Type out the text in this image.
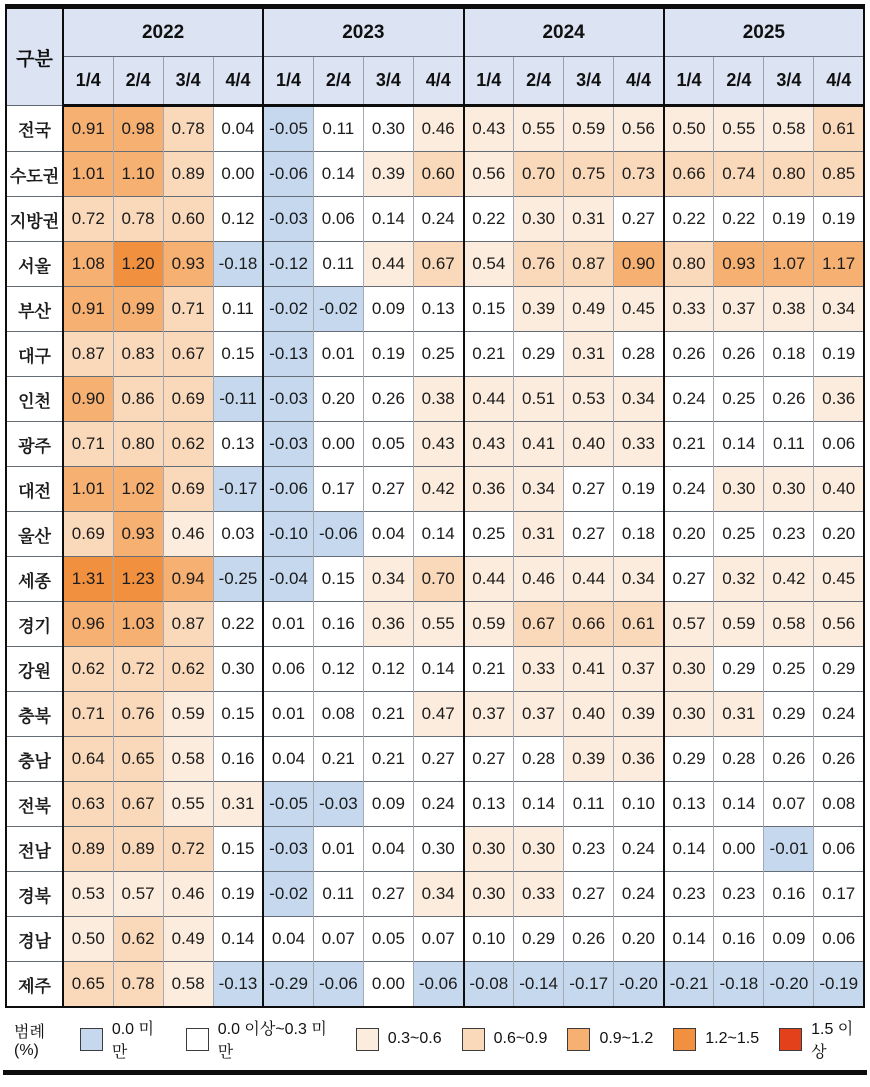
구분	2022				2023				2024				2025			
	1/4	2/4	3/4	4/4	1/4	2/4	3/4	4/4	1/4	2/4	3/4	4/4	1/4	2/4	3/4	4/4
전국	0.91	0.98	0.78	0.04	-0.05	0.11	0.30	0.46	0.43	0.55	0.59	0.56	0.50	0.55	0.58	0.61
수도권	1.01	1.10	0.89	0.00	-0.06	0.14	0.39	0.60	0.56	0.70	0.75	0.73	0.66	0.74	0.80	0.85
지방권	0.72	0.78	0.60	0.12	-0.03	0.06	0.14	0.24	0.22	0.30	0.31	0.27	0.22	0.22	0.19	0.19
서울	1.08	1.20	0.93	-0.18	-0.12	0.11	0.44	0.67	0.54	0.76	0.87	0.90	0.80	0.93	1.07	1.17
부산	0.91	0.99	0.71	0.11	-0.02	-0.02	0.09	0.13	0.15	0.39	0.49	0.45	0.33	0.37	0.38	0.34
대구	0.87	0.83	0.67	0.15	-0.13	0.01	0.19	0.25	0.21	0.29	0.31	0.28	0.26	0.26	0.18	0.19
인천	0.90	0.86	0.69	-0.11	-0.03	0.20	0.26	0.38	0.44	0.51	0.53	0.34	0.24	0.25	0.26	0.36
광주	0.71	0.80	0.62	0.13	-0.03	0.00	0.05	0.43	0.43	0.41	0.40	0.33	0.21	0.14	0.11	0.06
대전	1.01	1.02	0.69	-0.17	-0.06	0.17	0.27	0.42	0.36	0.34	0.27	0.19	0.24	0.30	0.30	0.40
울산	0.69	0.93	0.46	0.03	-0.10	-0.06	0.04	0.14	0.25	0.31	0.27	0.18	0.20	0.25	0.23	0.20
세종	1.31	1.23	0.94	-0.25	-0.04	0.15	0.34	0.70	0.44	0.46	0.44	0.34	0.27	0.32	0.42	0.45
경기	0.96	1.03	0.87	0.22	0.01	0.16	0.36	0.55	0.59	0.67	0.66	0.61	0.57	0.59	0.58	0.56
강원	0.62	0.72	0.62	0.30	0.06	0.12	0.12	0.14	0.21	0.33	0.41	0.37	0.30	0.29	0.25	0.29
충북	0.71	0.76	0.59	0.15	0.01	0.08	0.21	0.47	0.37	0.37	0.40	0.39	0.30	0.31	0.29	0.24
충남	0.64	0.65	0.58	0.16	0.04	0.21	0.21	0.27	0.27	0.28	0.39	0.36	0.29	0.28	0.26	0.26
전북	0.63	0.67	0.55	0.31	-0.05	-0.03	0.09	0.24	0.13	0.14	0.11	0.10	0.13	0.14	0.07	0.08
전남	0.89	0.89	0.72	0.15	-0.03	0.01	0.04	0.30	0.30	0.30	0.23	0.24	0.14	0.00	-0.01	0.06
경북	0.53	0.57	0.46	0.19	-0.02	0.11	0.27	0.34	0.30	0.33	0.27	0.24	0.23	0.23	0.16	0.17
경남	0.50	0.62	0.49	0.14	0.04	0.07	0.05	0.07	0.10	0.29	0.26	0.20	0.14	0.16	0.09	0.06
제주	0.65	0.78	0.58	-0.13	-0.29	-0.06	0.00	-0.06	-0.08	-0.14	-0.17	-0.20	-0.21	-0.18	-0.20	-0.19
범례(%)
0.0 미만
0.0 이상~0.3 미만
0.3~0.6	0.6~0.9	0.9~1.2	1.2~1.5
1.5 이상
